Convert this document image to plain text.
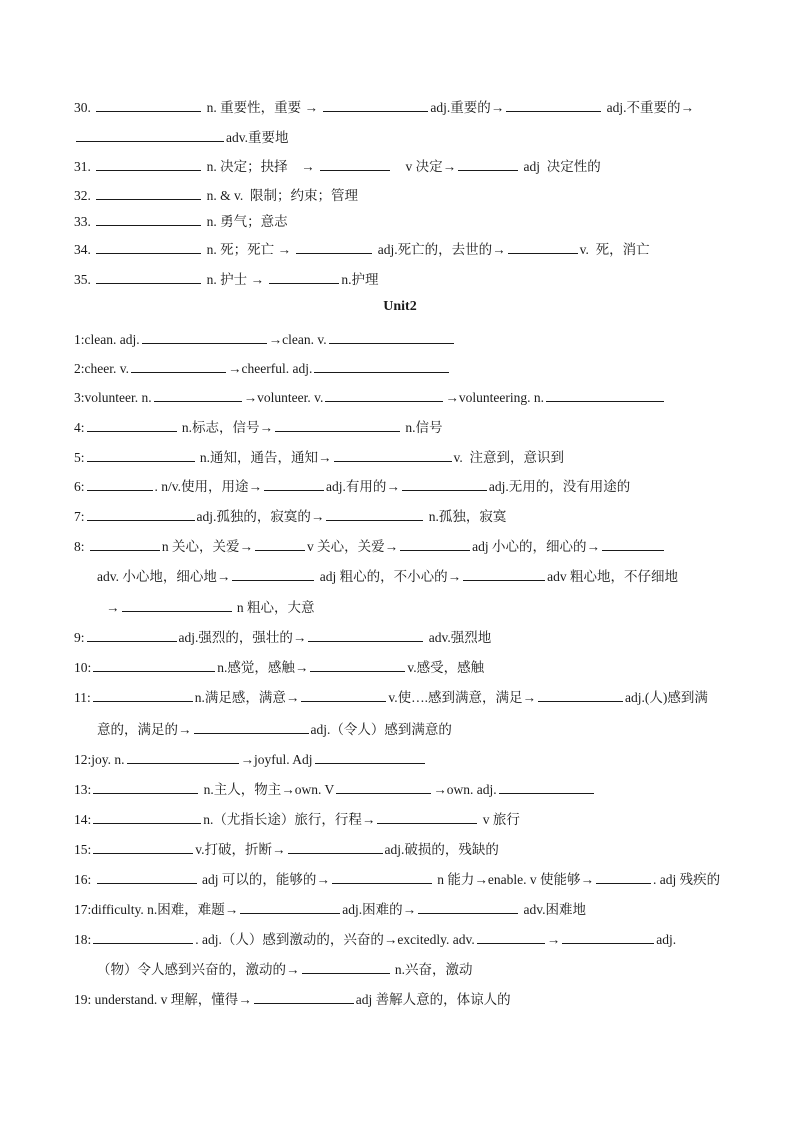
Unit2
30.	n. 重要性，重要 →	adj.重要的→	adj.不重要的→
adv.重要地
31.	n. 决定；抉择　→	　v 决定→	adj  决定性的
32.	n. & v.  限制；约束；管理
33.	n. 勇气；意志
34.	n. 死；死亡 →	adj.死亡的，去世的→	v.  死，消亡
35.	n. 护士 →	n.护理
1:clean. adj.	→clean. v.
2:cheer. v.	→cheerful. adj.
3:volunteer. n.	→volunteer. v.	→volunteering. n.
4:	n.标志，信号→	n.信号
5:	n.通知，通告，通知→	v.  注意到，意识到
6:	. n/v.使用，用途→	adj.有用的→	adj.无用的，没有用途的
7:	adj.孤独的，寂寞的→	n.孤独，寂寞
8:	n 关心，关爱→	v 关心，关爱→	adj 小心的，细心的→
adv. 小心地，细心地→	adj 粗心的，不小心的→	adv 粗心地，不仔细地
→	n 粗心，大意
9:	adj.强烈的，强壮的→	adv.强烈地
10:	n.感觉，感触→	v.感受，感触
11:	n.满足感，满意→	v.使….感到满意，满足→	adj.(人)感到满
意的，满足的→	adj.（令人）感到满意的
12:joy. n.	→joyful. Adj
13:	n.主人，物主→own. V	→own. adj.
14:	n.（尤指长途）旅行，行程→	v 旅行
15:	v.打破，折断→	adj.破损的，残缺的
16:	adj 可以的，能够的→	n 能力→enable. v 使能够→	. adj 残疾的
17:difficulty. n.困难，难题→	adj.困难的→	adv.困难地
18:	. adj.（人）感到激动的，兴奋的→excitedly. adv.	→	adj.
（物）令人感到兴奋的，激动的→	n.兴奋，激动
19: understand. v 理解，懂得→	adj 善解人意的，体谅人的
